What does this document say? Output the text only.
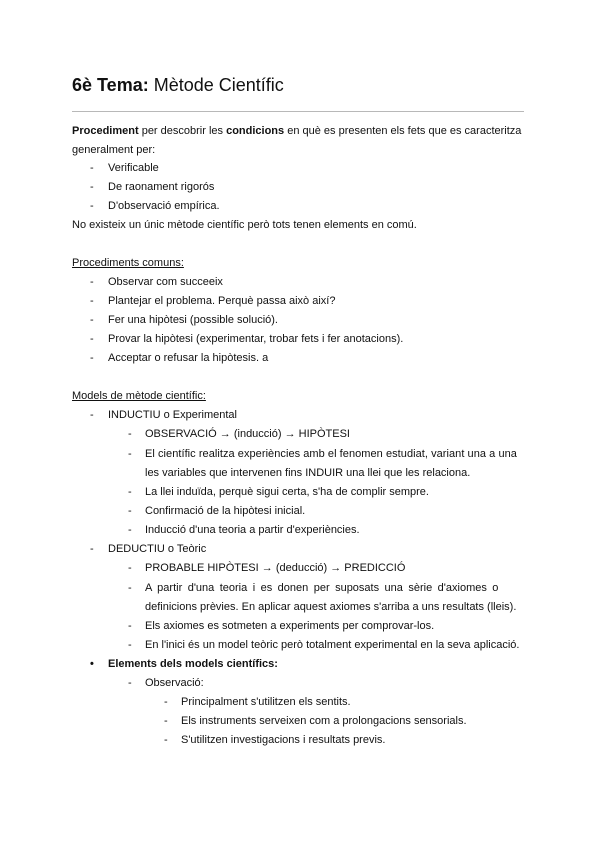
6è Tema: Mètode Científic
Procediment per descobrir les condicions en què es presenten els fets que es caracteritza
generalment per:
- Verificable
- De raonament rigorós
- D'observació empírica.
No existeix un únic mètode científic però tots tenen elements en comú.
Procediments comuns:
- Observar com succeeix
- Plantejar el problema. Perquè passa això així?
- Fer una hipòtesi (possible solució).
- Provar la hipòtesi (experimentar, trobar fets i fer anotacions).
- Acceptar o refusar la hipòtesis. a
Models de mètode científic:
- INDUCTIU o Experimental
- OBSERVACIÓ → (inducció) → HIPÒTESI
- El científic realitza experiències amb el fenomen estudiat, variant una a una
les variables que intervenen fins INDUIR una llei que les relaciona.
- La llei induïda, perquè sigui certa, s'ha de complir sempre.
- Confirmació de la hipòtesi inicial.
- Inducció d'una teoria a partir d'experiències.
- DEDUCTIU o Teòric
- PROBABLE HIPÒTESI → (deducció) → PREDICCIÓ
- A partir d'una teoria i es donen per suposats una sèrie d'axiomes o
definicions prèvies. En aplicar aquest axiomes s'arriba a uns resultats (lleis).
- Els axiomes es sotmeten a experiments per comprovar-los.
- En l'inici és un model teòric però totalment experimental en la seva aplicació.
• Elements dels models científics:
- Observació:
- Principalment s'utilitzen els sentits.
- Els instruments serveixen com a prolongacions sensorials.
- S'utilitzen investigacions i resultats previs.
